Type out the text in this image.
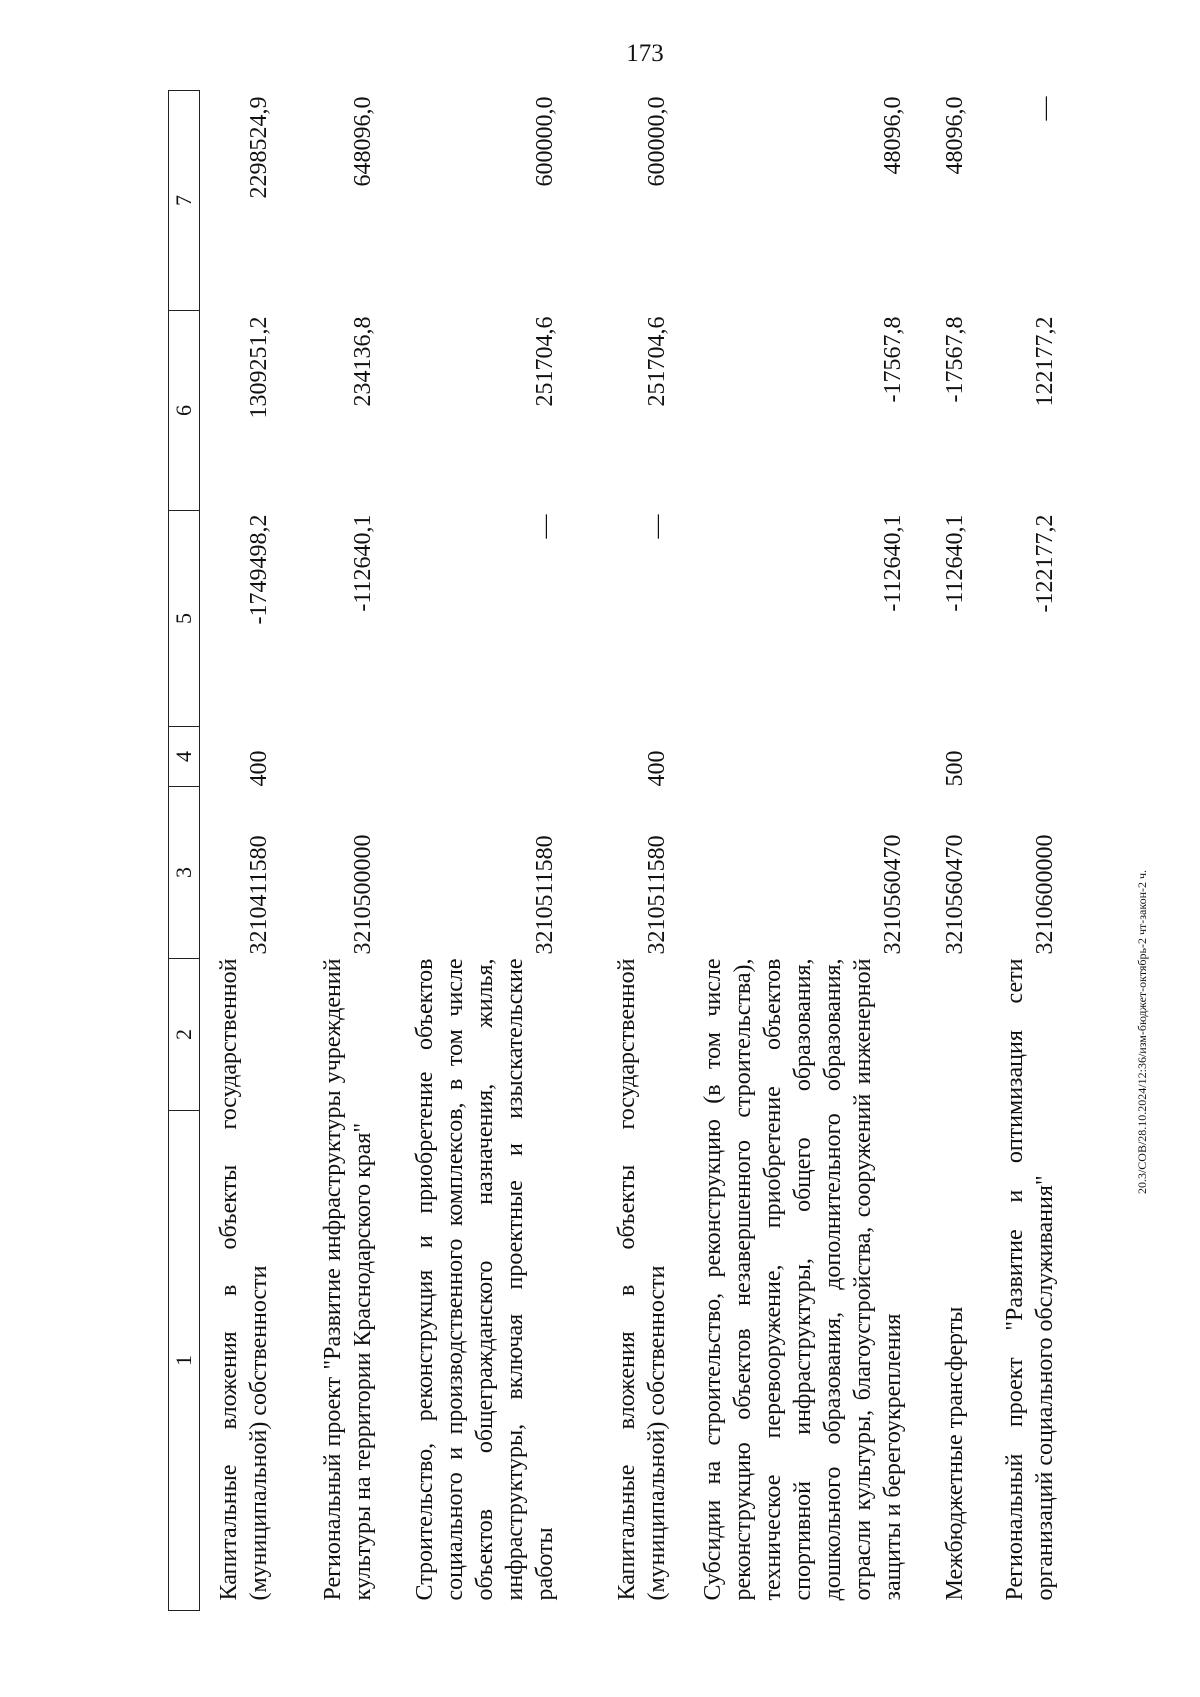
173
1	2	3	4	5	6	7
Капитальные вложения в объекты государственной (муниципальной) собственности		3210411580	400	-1749498,2	1309251,2	2298524,9
Региональный проект "Развитие инфраструктуры учреждений культуры на территории Краснодарского края"		3210500000		-112640,1	234136,8	648096,0
Строительство, реконструкция и приобретение объектов социального и производственного комплексов, в том числе объектов общегражданского назначения, жилья, инфраструктуры, включая проектные и изыскательские работы		3210511580		—	251704,6	600000,0
Капитальные вложения в объекты государственной (муниципальной) собственности		3210511580	400	—	251704,6	600000,0
Субсидии на строительство, реконструкцию (в том числе реконструкцию объектов незавершенного строительства), техническое перевооружение, приобретение объектов спортивной инфраструктуры, общего образования, дошкольного образования, дополнительного образования, отрасли культуры, благоустройства, сооружений инженерной защиты и берегоукрепления		3210560470		-112640,1	-17567,8	48096,0
Межбюджетные трансферты		3210560470	500	-112640,1	-17567,8	48096,0
Региональный проект "Развитие и оптимизация сети организаций социального обслуживания"		3210600000		-122177,2	122177,2	—
20.3/СОВ/28.10.2024/12:36/изм-бюджет-октябрь-2 чт-закон-2 ч.
